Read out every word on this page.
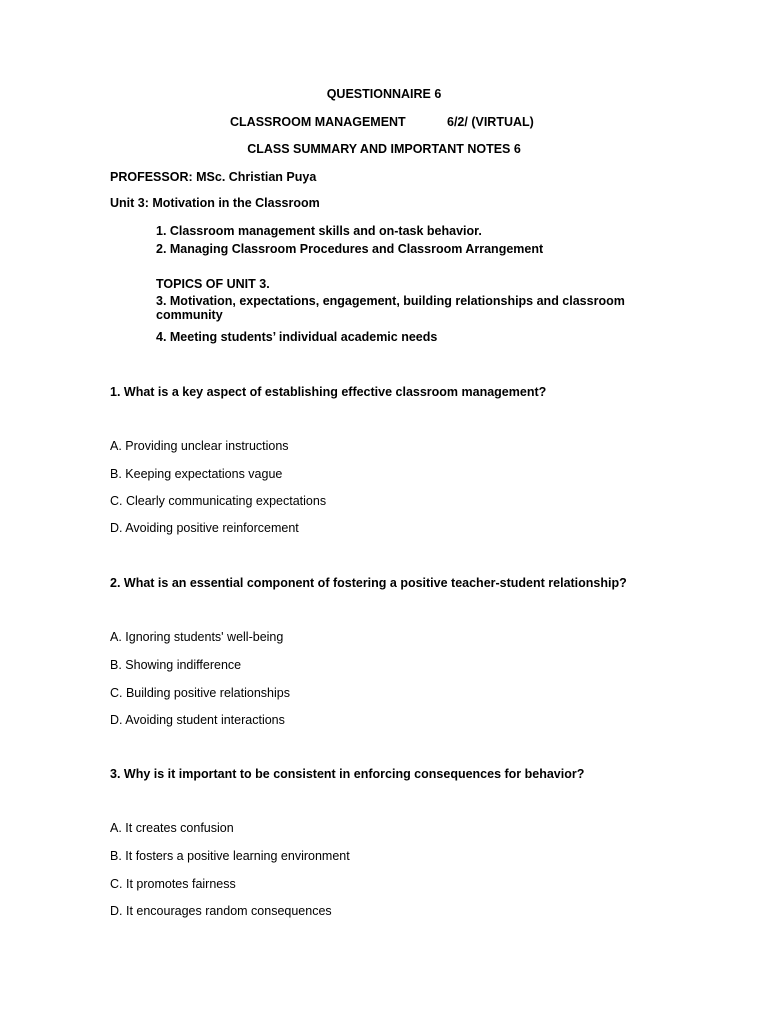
QUESTIONNAIRE 6
CLASSROOM MANAGEMENT	6/2/ (VIRTUAL)
CLASS SUMMARY AND IMPORTANT NOTES 6
PROFESSOR: MSc. Christian Puya
Unit 3: Motivation in the Classroom
1. Classroom management skills and on-task behavior.
2. Managing Classroom Procedures and Classroom Arrangement
TOPICS OF UNIT 3.
3. Motivation, expectations, engagement, building relationships and classroom community
4. Meeting students’ individual academic needs
1. What is a key aspect of establishing effective classroom management?
A. Providing unclear instructions
B. Keeping expectations vague
C. Clearly communicating expectations
D. Avoiding positive reinforcement
2. What is an essential component of fostering a positive teacher-student relationship?
A. Ignoring students' well-being
B. Showing indifference
C. Building positive relationships
D. Avoiding student interactions
3. Why is it important to be consistent in enforcing consequences for behavior?
A. It creates confusion
B. It fosters a positive learning environment
C. It promotes fairness
D. It encourages random consequences
